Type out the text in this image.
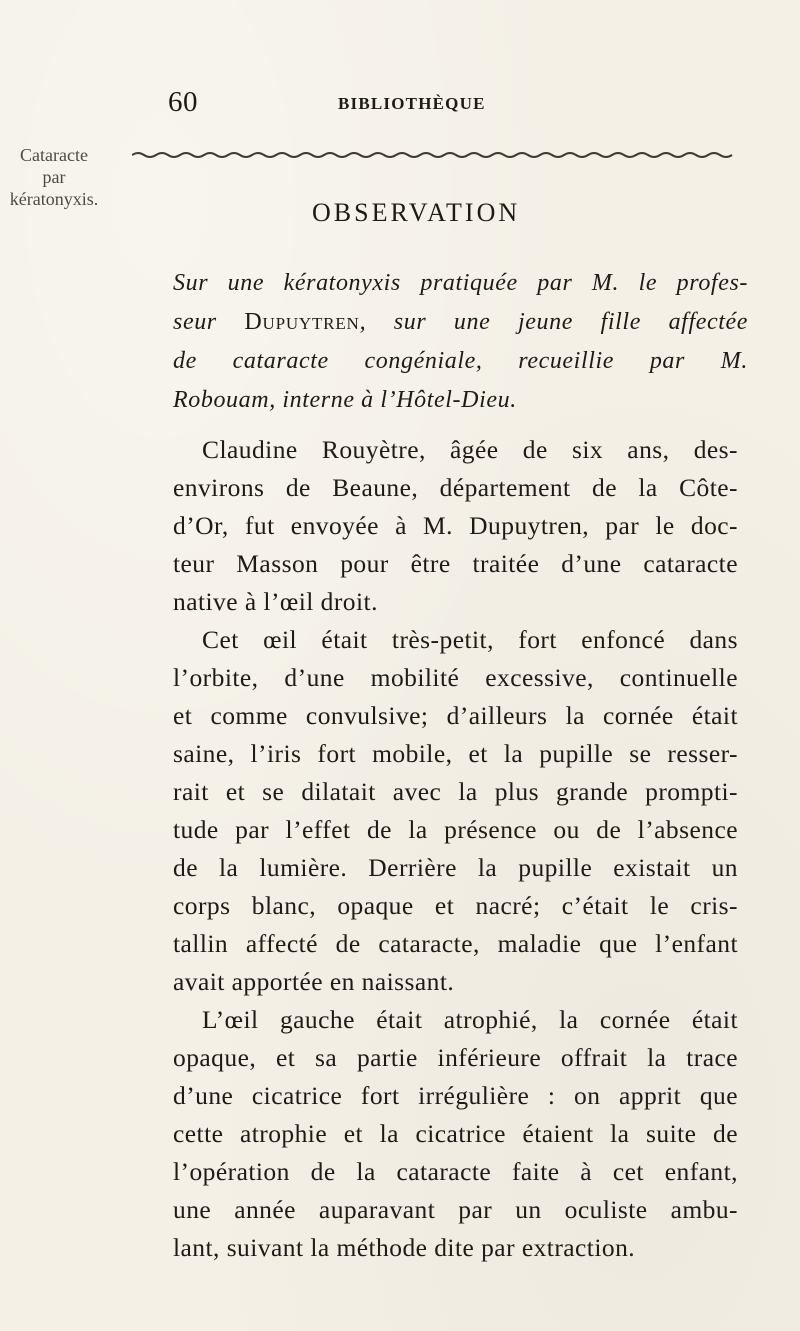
60	BIBLIOTHÈQUE
Cataracte
par
kératonyxis.	OBSERVATION
Sur une kératonyxis pratiquée par M. le profes-
seur Dupuytren, sur une jeune fille affectée
de cataracte congéniale, recueillie par M.
Robouam, interne à l’Hôtel-Dieu.
Claudine Rouyètre, âgée de six ans, des-
environs de Beaune, département de la Côte-
d’Or, fut envoyée à M. Dupuytren, par le doc-
teur Masson pour être traitée d’une cataracte
native à l’œil droit.
Cet œil était très-petit, fort enfoncé dans
l’orbite, d’une mobilité excessive, continuelle
et comme convulsive; d’ailleurs la cornée était
saine, l’iris fort mobile, et la pupille se resser-
rait et se dilatait avec la plus grande prompti-
tude par l’effet de la présence ou de l’absence
de la lumière. Derrière la pupille existait un
corps blanc, opaque et nacré; c’était le cris-
tallin affecté de cataracte, maladie que l’enfant
avait apportée en naissant.
L’œil gauche était atrophié, la cornée était
opaque, et sa partie inférieure offrait la trace
d’une cicatrice fort irrégulière : on apprit que
cette atrophie et la cicatrice étaient la suite de
l’opération de la cataracte faite à cet enfant,
une année auparavant par un oculiste ambu-
lant, suivant la méthode dite par extraction.
